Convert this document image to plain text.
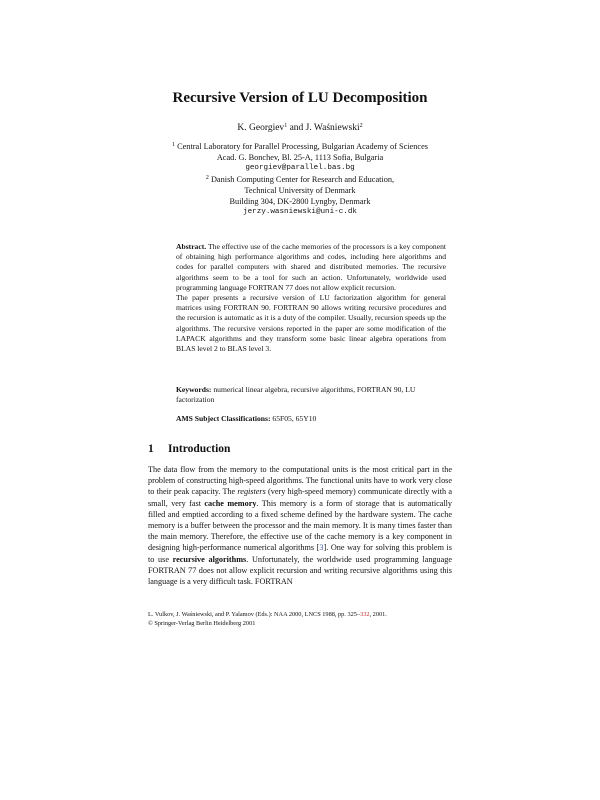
Recursive Version of LU Decomposition
K. Georgiev$^1$ and J. Waśniewski$^2$
$^1$ Central Laboratory for Parallel Processing, Bulgarian Academy of Sciences
Acad. G. Bonchev, Bl. 25-A, 1113 Sofia, Bulgaria
georgiev@parallel.bas.bg
$^2$ Danish Computing Center for Research and Education,
Technical University of Denmark
Building 304, DK-2800 Lyngby, Denmark
jerzy.wasniewski@uni-c.dk

Abstract. The effective use of the cache memories of the processors is a key component of obtaining high performance algorithms and codes, including here algorithms and codes for parallel computers with shared and distributed memories. The recursive algorithms seem to be a tool for such an action. Unfortunately, worldwide used programming language FORTRAN 77 does not allow explicit recursion.

The paper presents a recursive version of LU factorization algorithm for general matrices using FORTRAN 90. FORTRAN 90 allows writing recursive procedures and the recursion is automatic as it is a duty of the compiler. Usually, recursion speeds up the algorithms. The recursive versions reported in the paper are some modification of the LAPACK algorithms and they transform some basic linear algebra operations from BLAS level 2 to BLAS level 3.

Keywords: numerical linear algebra, recursive algorithms, FORTRAN 90, LU factorization
AMS Subject Classifications: 65F05, 65Y10
1 Introduction

The data flow from the memory to the computational units is the most critical part in the problem of constructing high-speed algorithms. The functional units have to work very close to their peak capacity. The registers (very high-speed memory) communicate directly with a small, very fast cache memory. This memory is a form of storage that is automatically filled and emptied according to a fixed scheme defined by the hardware system. The cache memory is a buffer between the processor and the main memory. It is many times faster than the main memory. Therefore, the effective use of the cache memory is a key component in designing high-performance numerical algorithms [3]. One way for solving this problem is to use recursive algorithms. Unfortunately, the worldwide used programming language FORTRAN 77 does not allow explicit recursion and writing recursive algorithms using this language is a very difficult task. FORTRAN

L. Vulkov, J. Waśniewski, and P. Yalamov (Eds.): NAA 2000, LNCS 1988, pp. 325–332, 2001.
© Springer-Verlag Berlin Heidelberg 2001
